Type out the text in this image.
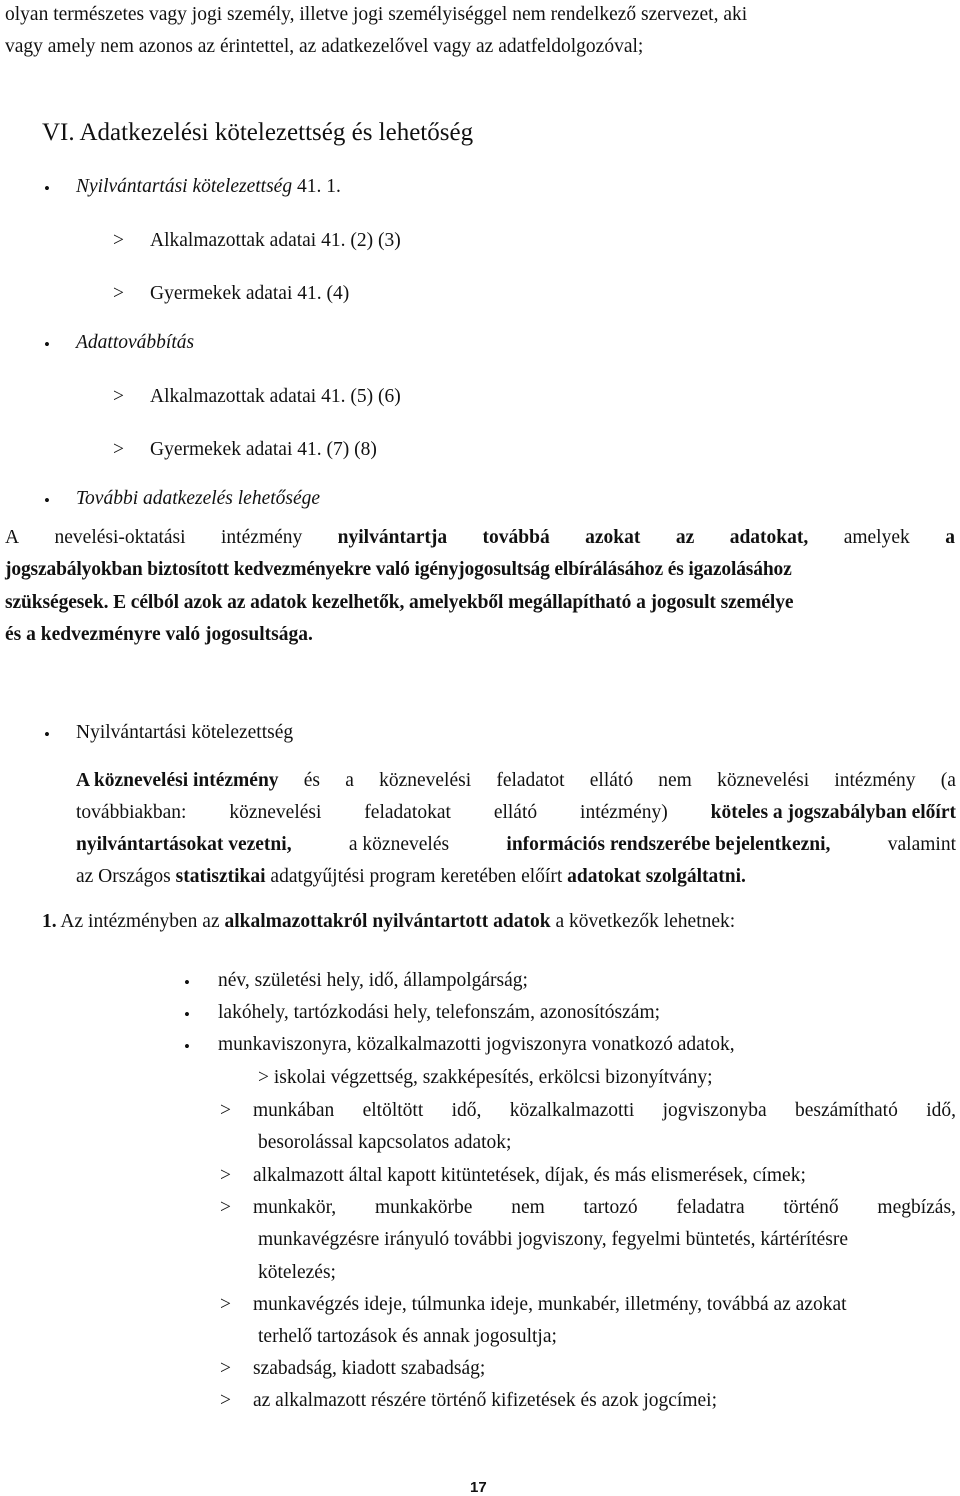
olyan természetes vagy jogi személy, illetve jogi személyiséggel nem rendelkező szervezet, aki
vagy amely nem azonos az érintettel, az adatkezelővel vagy az adatfeldolgozóval;
VI. Adatkezelési kötelezettség és lehetőség
• Nyilvántartási kötelezettség 41. 1.
> Alkalmazottak adatai 41. (2) (3)
> Gyermekek adatai 41. (4)
• Adattovábbítás
> Alkalmazottak adatai 41. (5) (6)
> Gyermekek adatai 41. (7) (8)
• További adatkezelés lehetősége
A nevelési-oktatási intézmény nyilvántartja továbbá azokat az adatokat, amelyek a
jogszabályokban biztosított kedvezményekre való igényjogosultság elbírálásához és igazolásához
szükségesek. E célból azok az adatok kezelhetők, amelyekből megállapítható a jogosult személye
és a kedvezményre való jogosultsága.
• Nyilvántartási kötelezettség
A köznevelési intézmény és a köznevelési feladatot ellátó nem köznevelési intézmény (a
továbbiakban: köznevelési feladatokat ellátó intézmény) köteles a jogszabályban előírt
nyilvántartásokat vezetni,	a köznevelés	információs rendszerébe bejelentkezni,	valamint
az Országos statisztikai adatgyűjtési program keretében előírt adatokat szolgáltatni.
1. Az intézményben az alkalmazottakról nyilvántartott adatok a következők lehetnek:
• név, születési hely, idő, állampolgárság;
• lakóhely, tartózkodási hely, telefonszám, azonosítószám;
• munkaviszonyra, közalkalmazotti jogviszonyra vonatkozó adatok,
> iskolai végzettség, szakképesítés, erkölcsi bizonyítvány;
> munkában eltöltött idő, közalkalmazotti jogviszonyba beszámítható idő,
besorolással kapcsolatos adatok;
> alkalmazott által kapott kitüntetések, díjak, és más elismerések, címek;
> munkakör, munkakörbe nem tartozó feladatra történő megbízás,
munkavégzésre irányuló további jogviszony, fegyelmi büntetés, kártérítésre
kötelezés;
> munkavégzés ideje, túlmunka ideje, munkabér, illetmény, továbbá az azokat
terhelő tartozások és annak jogosultja;
> szabadság, kiadott szabadság;
> az alkalmazott részére történő kifizetések és azok jogcímei;
17
